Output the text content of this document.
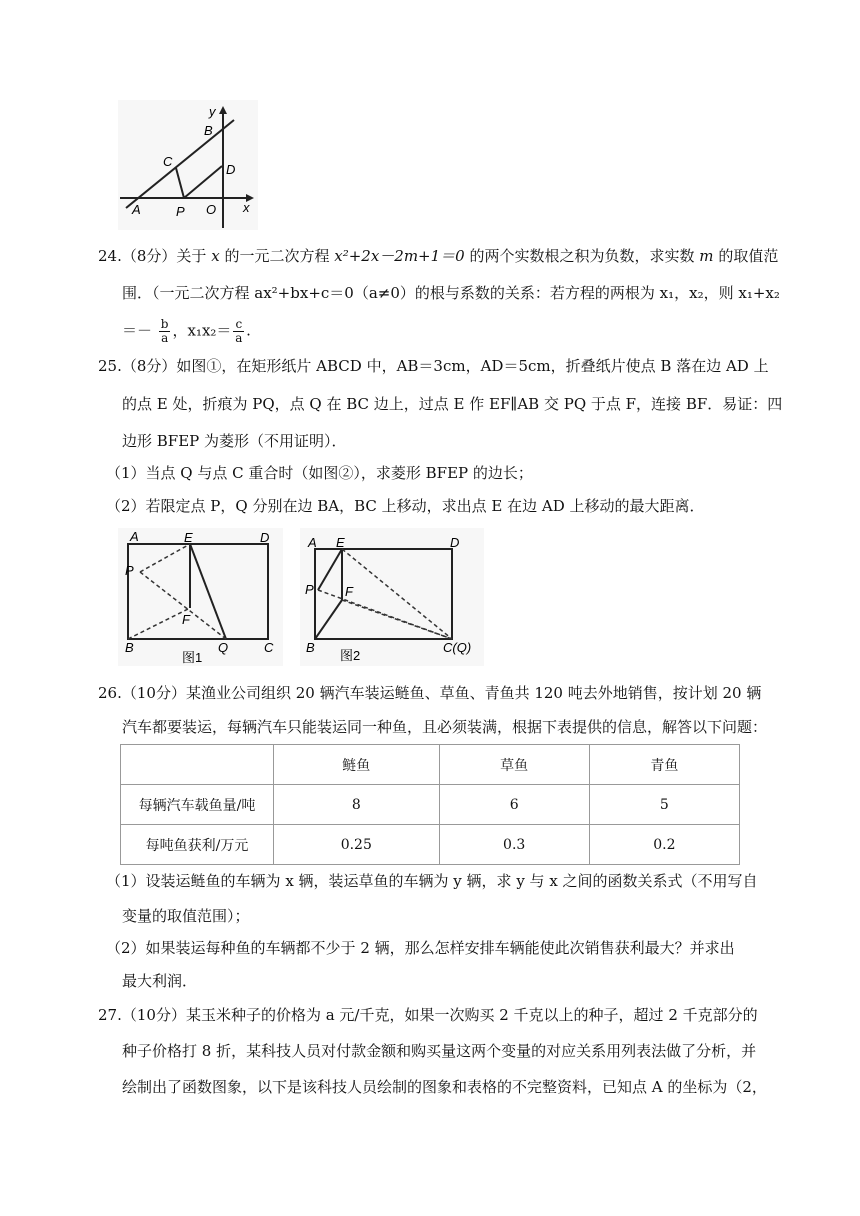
y
x
B
C
D
A	P O
24.（8分）关于 x 的一元二次方程 x²+2x－2m+1＝0 的两个实数根之积为负数，求实数 m 的取值范
围．（一元二次方程 ax²+bx+c＝0（a≠0）的根与系数的关系：若方程的两根为 x₁，x₂，则 x₁+x₂
＝－ $\frac{b}{a}$ ，$x_1x_2= \frac{c}{a}$ .
25.（8分）如图①，在矩形纸片 ABCD 中，AB＝3cm，AD＝5cm，折叠纸片使点 B 落在边 AD 上
的点 E 处，折痕为 PQ，点 Q 在 BC 边上，过点 E 作 EF∥AB 交 PQ 于点 F，连接 BF．易证：四
边形 BFEP 为菱形（不用证明）．
（1）当点 Q 与点 C 重合时（如图②），求菱形 BFEP 的边长；
（2）若限定点 P，Q 分别在边 BA，BC 上移动，求出点 E 在边 AD 上移动的最大距离．
A	E	D
P
F
B	Q	C
图1
A E	D
P F
B	C(Q)
图2
26.（10分）某渔业公司组织 20 辆汽车装运鲢鱼、草鱼、青鱼共 120 吨去外地销售，按计划 20 辆
汽车都要装运，每辆汽车只能装运同一种鱼，且必须装满，根据下表提供的信息，解答以下问题：
	鲢鱼	草鱼	青鱼
每辆汽车载鱼量/吨	8	6	5
每吨鱼获利/万元	0.25	0.3	0.2
（1）设装运鲢鱼的车辆为 x 辆，装运草鱼的车辆为 y 辆，求 y 与 x 之间的函数关系式（不用写自
变量的取值范围）；
（2）如果装运每种鱼的车辆都不少于 2 辆，那么怎样安排车辆能使此次销售获利最大？并求出
最大利润．
27.（10分）某玉米种子的价格为 a 元/千克，如果一次购买 2 千克以上的种子，超过 2 千克部分的
种子价格打 8 折，某科技人员对付款金额和购买量这两个变量的对应关系用列表法做了分析，并
绘制出了函数图象，以下是该科技人员绘制的图象和表格的不完整资料，已知点 A 的坐标为（2，
